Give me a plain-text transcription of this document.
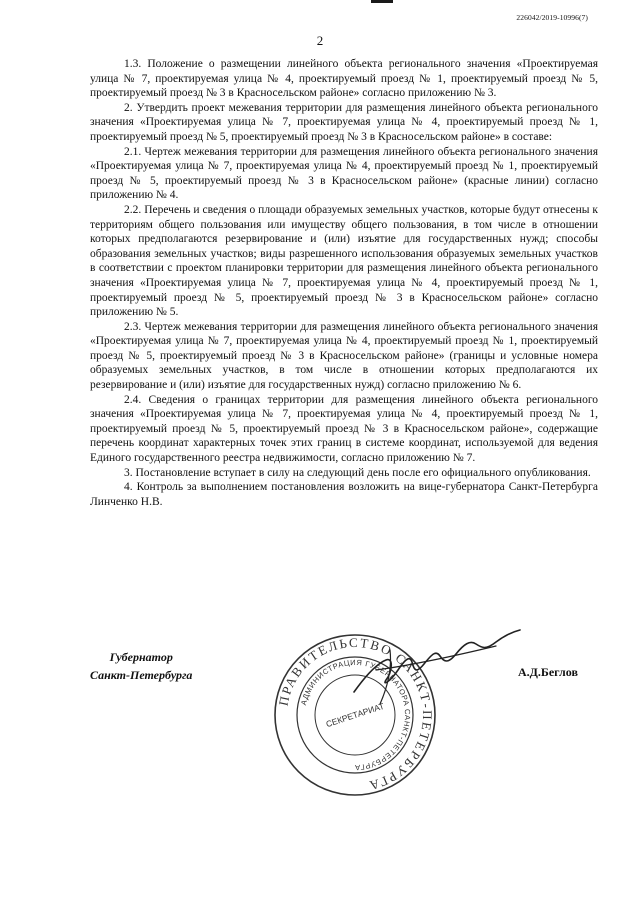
226042/2019-10996(7)
2

1.3. Положение о размещении линейного объекта регионального значения «Проектируемая улица № 7, проектируемая улица № 4, проектируемый проезд № 1, проектируемый проезд № 5, проектируемый проезд № 3 в Красносельском районе» согласно приложению № 3.

2. Утвердить проект межевания территории для размещения линейного объекта регионального значения «Проектируемая улица № 7, проектируемая улица № 4, проектируемый проезд № 1, проектируемый проезд № 5, проектируемый проезд № 3 в Красносельском районе» в составе:

2.1. Чертеж межевания территории для размещения линейного объекта регионального значения «Проектируемая улица № 7, проектируемая улица № 4, проектируемый проезд № 1, проектируемый проезд № 5, проектируемый проезд № 3 в Красносельском районе» (красные линии) согласно приложению № 4.

2.2. Перечень и сведения о площади образуемых земельных участков, которые будут отнесены к территориям общего пользования или имуществу общего пользования, в том числе в отношении которых предполагаются резервирование и (или) изъятие для государственных нужд; способы образования земельных участков; виды разрешенного использования образуемых земельных участков в соответствии с проектом планировки территории для размещения линейного объекта регионального значения «Проектируемая улица № 7, проектируемая улица № 4, проектируемый проезд № 1, проектируемый проезд № 5, проектируемый проезд № 3 в Красносельском районе» согласно приложению № 5.

2.3. Чертеж межевания территории для размещения линейного объекта регионального значения «Проектируемая улица № 7, проектируемая улица № 4, проектируемый проезд № 1, проектируемый проезд № 5, проектируемый проезд № 3 в Красносельском районе» (границы и условные номера образуемых земельных участков, в том числе в отношении которых предполагаются их резервирование и (или) изъятие для государственных нужд) согласно приложению № 6.

2.4. Сведения о границах территории для размещения линейного объекта регионального значения «Проектируемая улица № 7, проектируемая улица № 4, проектируемый проезд № 1, проектируемый проезд № 5, проектируемый проезд № 3 в Красносельском районе», содержащие перечень координат характерных точек этих границ в системе координат, используемой для ведения Единого государственного реестра недвижимости, согласно приложению № 7.

3. Постановление вступает в силу на следующий день после его официального опубликования.

4. Контроль за выполнением постановления возложить на вице-губернатора Санкт-Петербурга Линченко Н.В.

Губернатор
Санкт-Петербурга
ПРАВИТЕЛЬСТВО САНКТ-ПЕТЕРБУРГА
АДМИНИСТРАЦИЯ ГУБЕРНАТОРА САНКТ-ПЕТЕРБУРГА
СЕКРЕТАРИАТ
А.Д.Беглов
